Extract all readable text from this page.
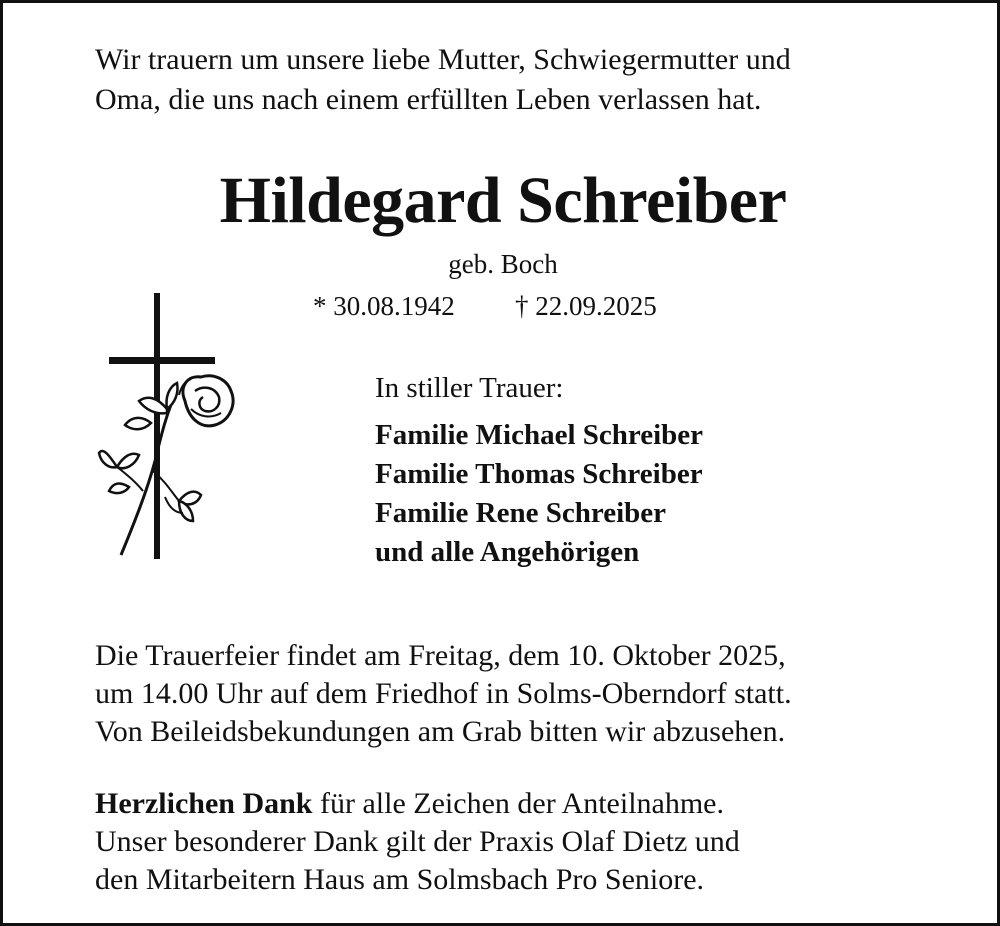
Wir trauern um unsere liebe Mutter, Schwiegermutter und
Oma, die uns nach einem erfüllten Leben verlassen hat.
Hildegard Schreiber
geb. Boch
* 30.08.1942 † 22.09.2025
In stiller Trauer:
Familie Michael Schreiber
Familie Thomas Schreiber
Familie Rene Schreiber
und alle Angehörigen
Die Trauerfeier findet am Freitag, dem 10. Oktober 2025,
um 14.00 Uhr auf dem Friedhof in Solms-Oberndorf statt.
Von Beileidsbekundungen am Grab bitten wir abzusehen.
Herzlichen Dank für alle Zeichen der Anteilnahme.
Unser besonderer Dank gilt der Praxis Olaf Dietz und
den Mitarbeitern Haus am Solmsbach Pro Seniore.
